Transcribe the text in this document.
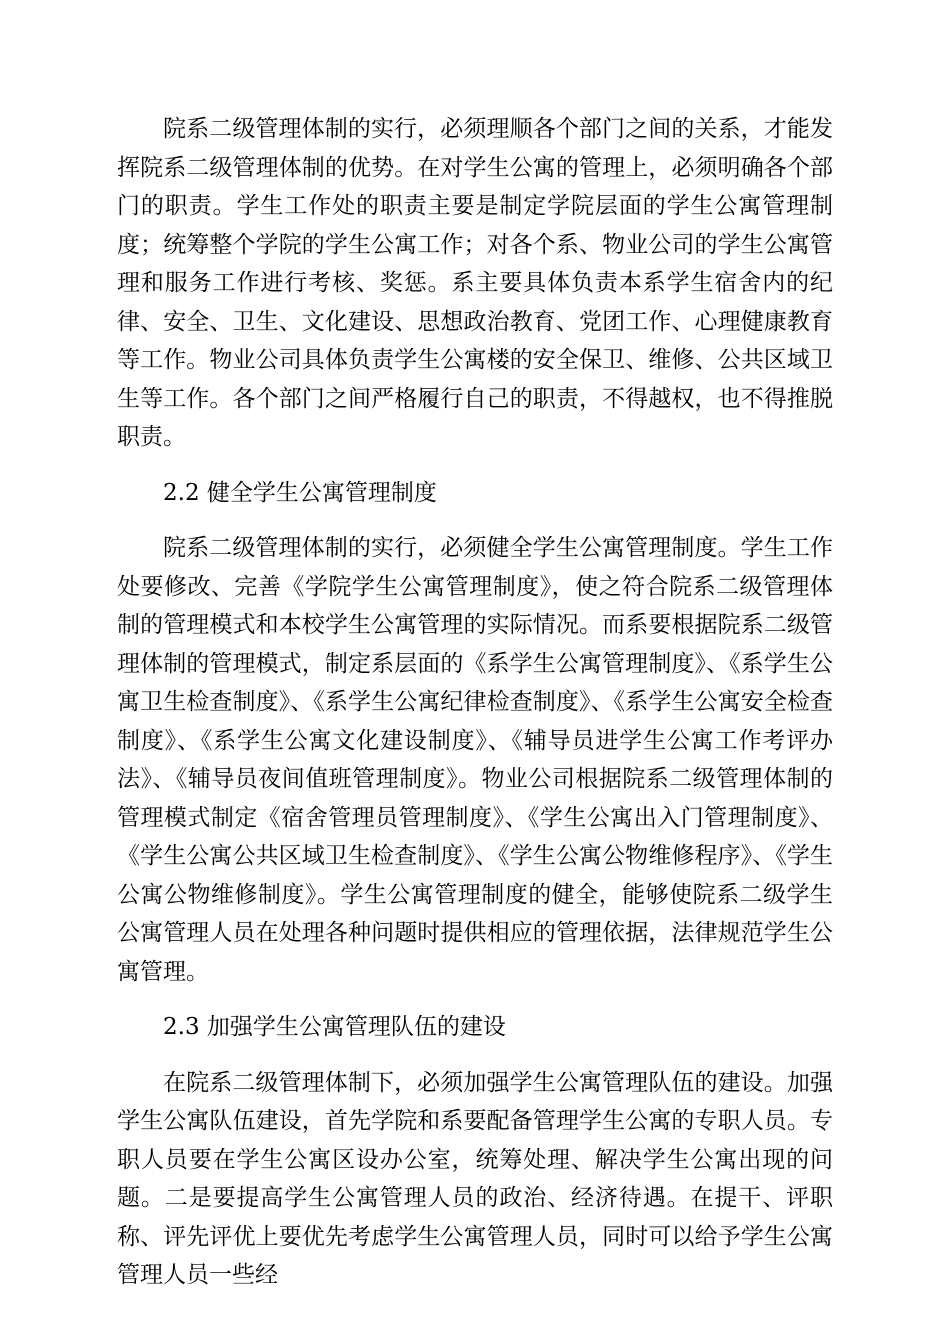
院系二级管理体制的实行，必须理顺各个部门之间的关系，才能发挥院系二级管理体制的优势。在对学生公寓的管理上，必须明确各个部门的职责。学生工作处的职责主要是制定学院层面的学生公寓管理制度；统筹整个学院的学生公寓工作；对各个系、物业公司的学生公寓管理和服务工作进行考核、奖惩。系主要具体负责本系学生宿舍内的纪律、安全、卫生、文化建设、思想政治教育、党团工作、心理健康教育等工作。物业公司具体负责学生公寓楼的安全保卫、维修、公共区域卫生等工作。各个部门之间严格履行自己的职责，不得越权，也不得推脱职责。

2.2 健全学生公寓管理制度

院系二级管理体制的实行，必须健全学生公寓管理制度。学生工作处要修改、完善《学院学生公寓管理制度》，使之符合院系二级管理体制的管理模式和本校学生公寓管理的实际情况。而系要根据院系二级管理体制的管理模式，制定系层面的《系学生公寓管理制度》、《系学生公寓卫生检查制度》、《系学生公寓纪律检查制度》、《系学生公寓安全检查制度》、《系学生公寓文化建设制度》、《辅导员进学生公寓工作考评办法》、《辅导员夜间值班管理制度》。物业公司根据院系二级管理体制的管理模式制定《宿舍管理员管理制度》、《学生公寓出入门管理制度》、《学生公寓公共区域卫生检查制度》、《学生公寓公物维修程序》、《学生公寓公物维修制度》。学生公寓管理制度的健全，能够使院系二级学生公寓管理人员在处理各种问题时提供相应的管理依据，法律规范学生公寓管理。

2.3 加强学生公寓管理队伍的建设

在院系二级管理体制下，必须加强学生公寓管理队伍的建设。加强学生公寓队伍建设，首先学院和系要配备管理学生公寓的专职人员。专职人员要在学生公寓区设办公室，统筹处理、解决学生公寓出现的问题。二是要提高学生公寓管理人员的政治、经济待遇。在提干、评职称、评先评优上要优先考虑学生公寓管理人员，同时可以给予学生公寓管理人员一些经
